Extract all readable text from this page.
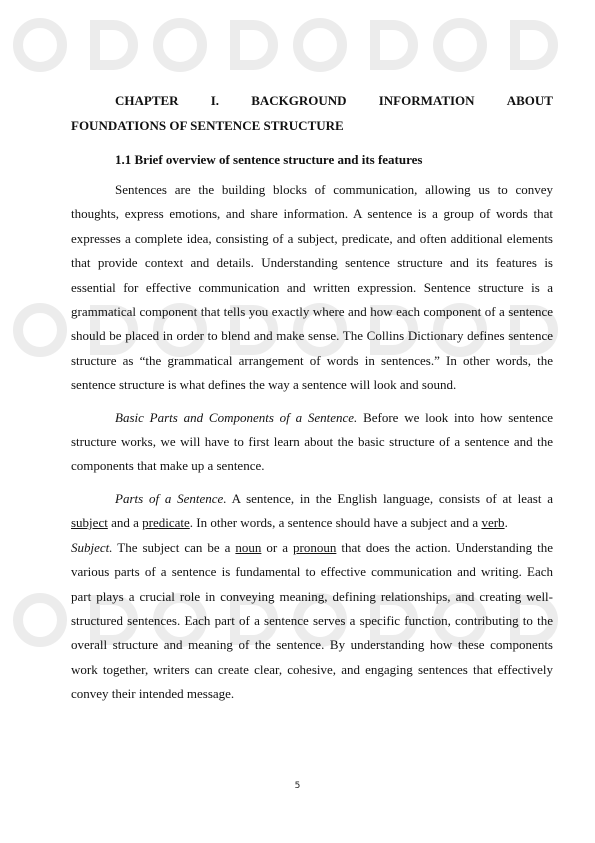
CHAPTER I. BACKGROUND INFORMATION ABOUT
FOUNDATIONS OF SENTENCE STRUCTURE
1.1 Brief overview of sentence structure and its features

Sentences are the building blocks of communication, allowing us to convey thoughts, express emotions, and share information. A sentence is a group of words that expresses a complete idea, consisting of a subject, predicate, and often additional elements that provide context and details. Understanding sentence structure and its features is essential for effective communication and written expression. Sentence structure is a grammatical component that tells you exactly where and how each component of a sentence should be placed in order to blend and make sense. The Collins Dictionary defines sentence structure as “the grammatical arrangement of words in sentences.” In other words, the sentence structure is what defines the way a sentence will look and sound.

Basic Parts and Components of a Sentence. Before we look into how sentence structure works, we will have to first learn about the basic structure of a sentence and the components that make up a sentence.

Parts of a Sentence. A sentence, in the English language, consists of at least a subject and a predicate. In other words, a sentence should have a subject and a verb.

Subject. The subject can be a noun or a pronoun that does the action. Understanding the various parts of a sentence is fundamental to effective communication and writing. Each part plays a crucial role in conveying meaning, defining relationships, and creating well-structured sentences. Each part of a sentence serves a specific function, contributing to the overall structure and meaning of the sentence. By understanding how these components work together, writers can create clear, cohesive, and engaging sentences that effectively convey their intended message.

5
